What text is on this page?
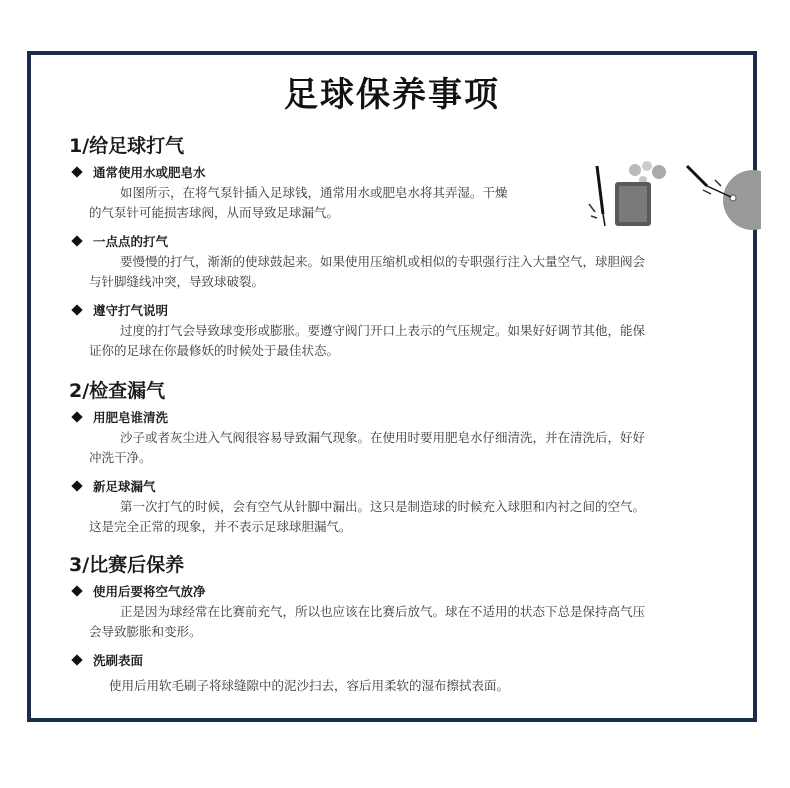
足球保养事项
1/给足球打气
通常使用水或肥皂水
如图所示，在将气泵针插入足球钱，通常用水或肥皂水将其弄湿。干燥
的气泵针可能损害球阀，从而导致足球漏气。
一点点的打气
要慢慢的打气，渐渐的使球鼓起来。如果使用压缩机或相似的专职强行注入大量空气，球胆阀会
与针脚缝线冲突，导致球破裂。
遵守打气说明
过度的打气会导致球变形或膨胀。要遵守阀门开口上表示的气压规定。如果好好调节其他，能保
证你的足球在你最修妖的时候处于最佳状态。
2/检查漏气
用肥皂谁清洗
沙子或者灰尘进入气阀很容易导致漏气现象。在使用时要用肥皂水仔细清洗，并在清洗后，好好
冲洗干净。
新足球漏气
第一次打气的时候，会有空气从针脚中漏出。这只是制造球的时候充入球胆和内衬之间的空气。
这是完全正常的现象，并不表示足球球胆漏气。
3/比赛后保养
使用后要将空气放净
正是因为球经常在比赛前充气，所以也应该在比赛后放气。球在不适用的状态下总是保持高气压
会导致膨胀和变形。
洗刷表面
使用后用软毛刷子将球缝隙中的泥沙扫去，容后用柔软的湿布擦拭表面。
